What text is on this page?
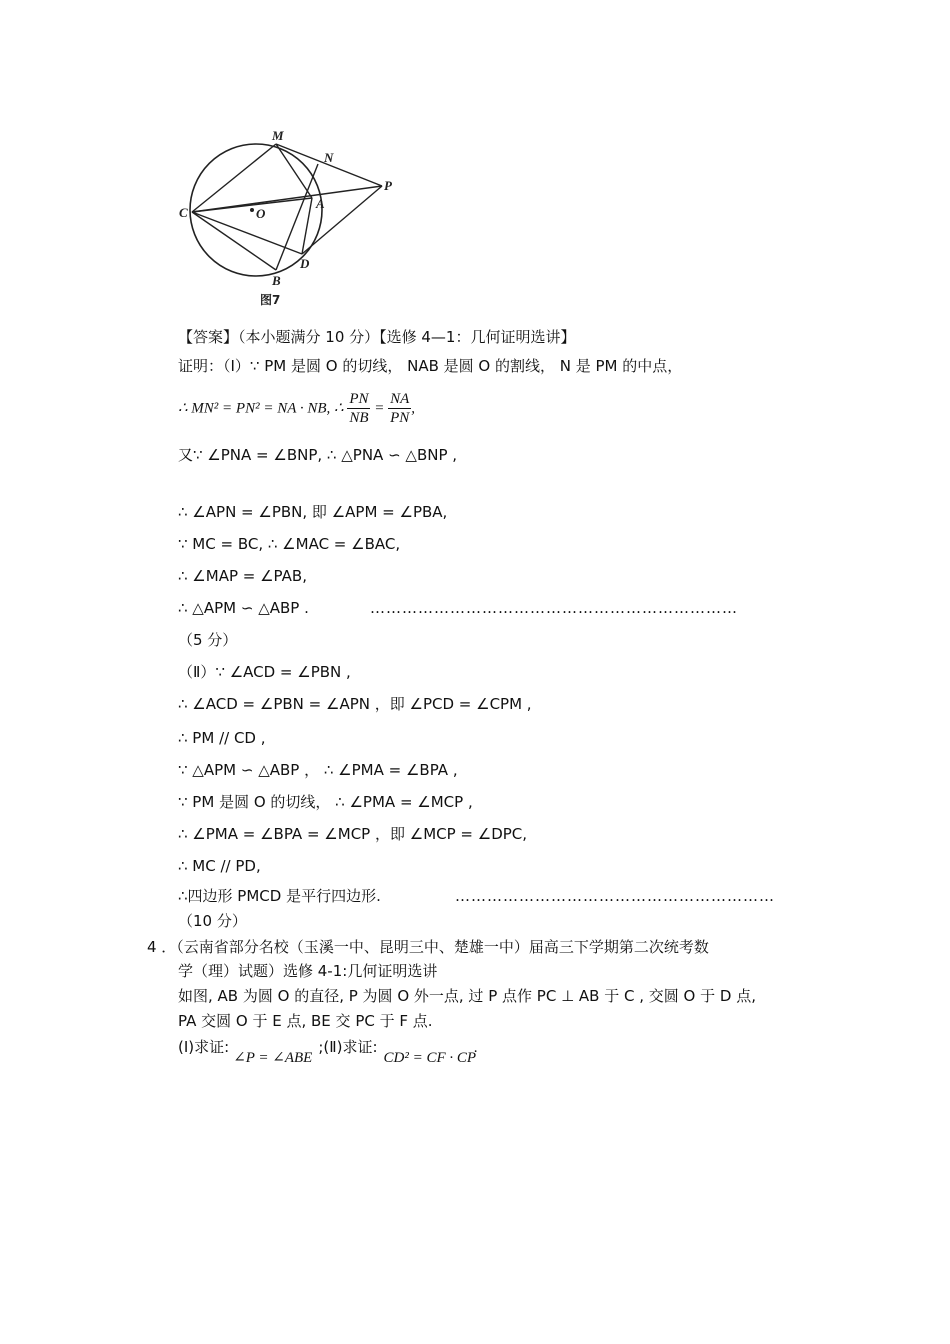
M
N
P
C	O
A
D
B
图7
【答案】（本小题满分 10 分）【选修 4—1：几何证明选讲】
证明：（Ⅰ）∵ PM 是圆 O 的切线， NAB 是圆 O 的割线， N 是 PM 的中点，
∴ MN² = PN² = NA · NB, ∴ $\frac{PN}{NB} = \frac{NA}{PN}$ ,
又∵ ∠PNA = ∠BNP, ∴ △PNA ∽ △BNP ,
∴ ∠APN = ∠PBN, 即 ∠APM = ∠PBA,
∵ MC = BC, ∴ ∠MAC = ∠BAC,
∴ ∠MAP = ∠PAB,
∴ △APM ∽ △ABP .	……………………………………………………………
（5 分）
（Ⅱ）∵ ∠ACD = ∠PBN ,
∴ ∠ACD = ∠PBN = ∠APN ，即 ∠PCD = ∠CPM ,
∴ PM // CD ,
∵ △APM ∽ △ABP ， ∴ ∠PMA = ∠BPA ,
∵ PM 是圆 O 的切线， ∴ ∠PMA = ∠MCP ,
∴ ∠PMA = ∠BPA = ∠MCP ，即 ∠MCP = ∠DPC,
∴ MC // PD,
∴四边形 PMCD 是平行四边形.	……………………………………………………
（10 分）
4 ．（云南省部分名校（玉溪一中、昆明三中、楚雄一中）届高三下学期第二次统考数
学（理）试题）选修 4-1:几何证明选讲
如图, AB 为圆 O 的直径, P 为圆 O 外一点, 过 P 点作 PC ⊥ AB 于 C , 交圆 O 于 D 点,
PA 交圆 O 于 E 点, BE 交 PC 于 F 点.
(Ⅰ)求证:∠P = ∠ABE;(Ⅱ)求证:CD² = CF · CP.
